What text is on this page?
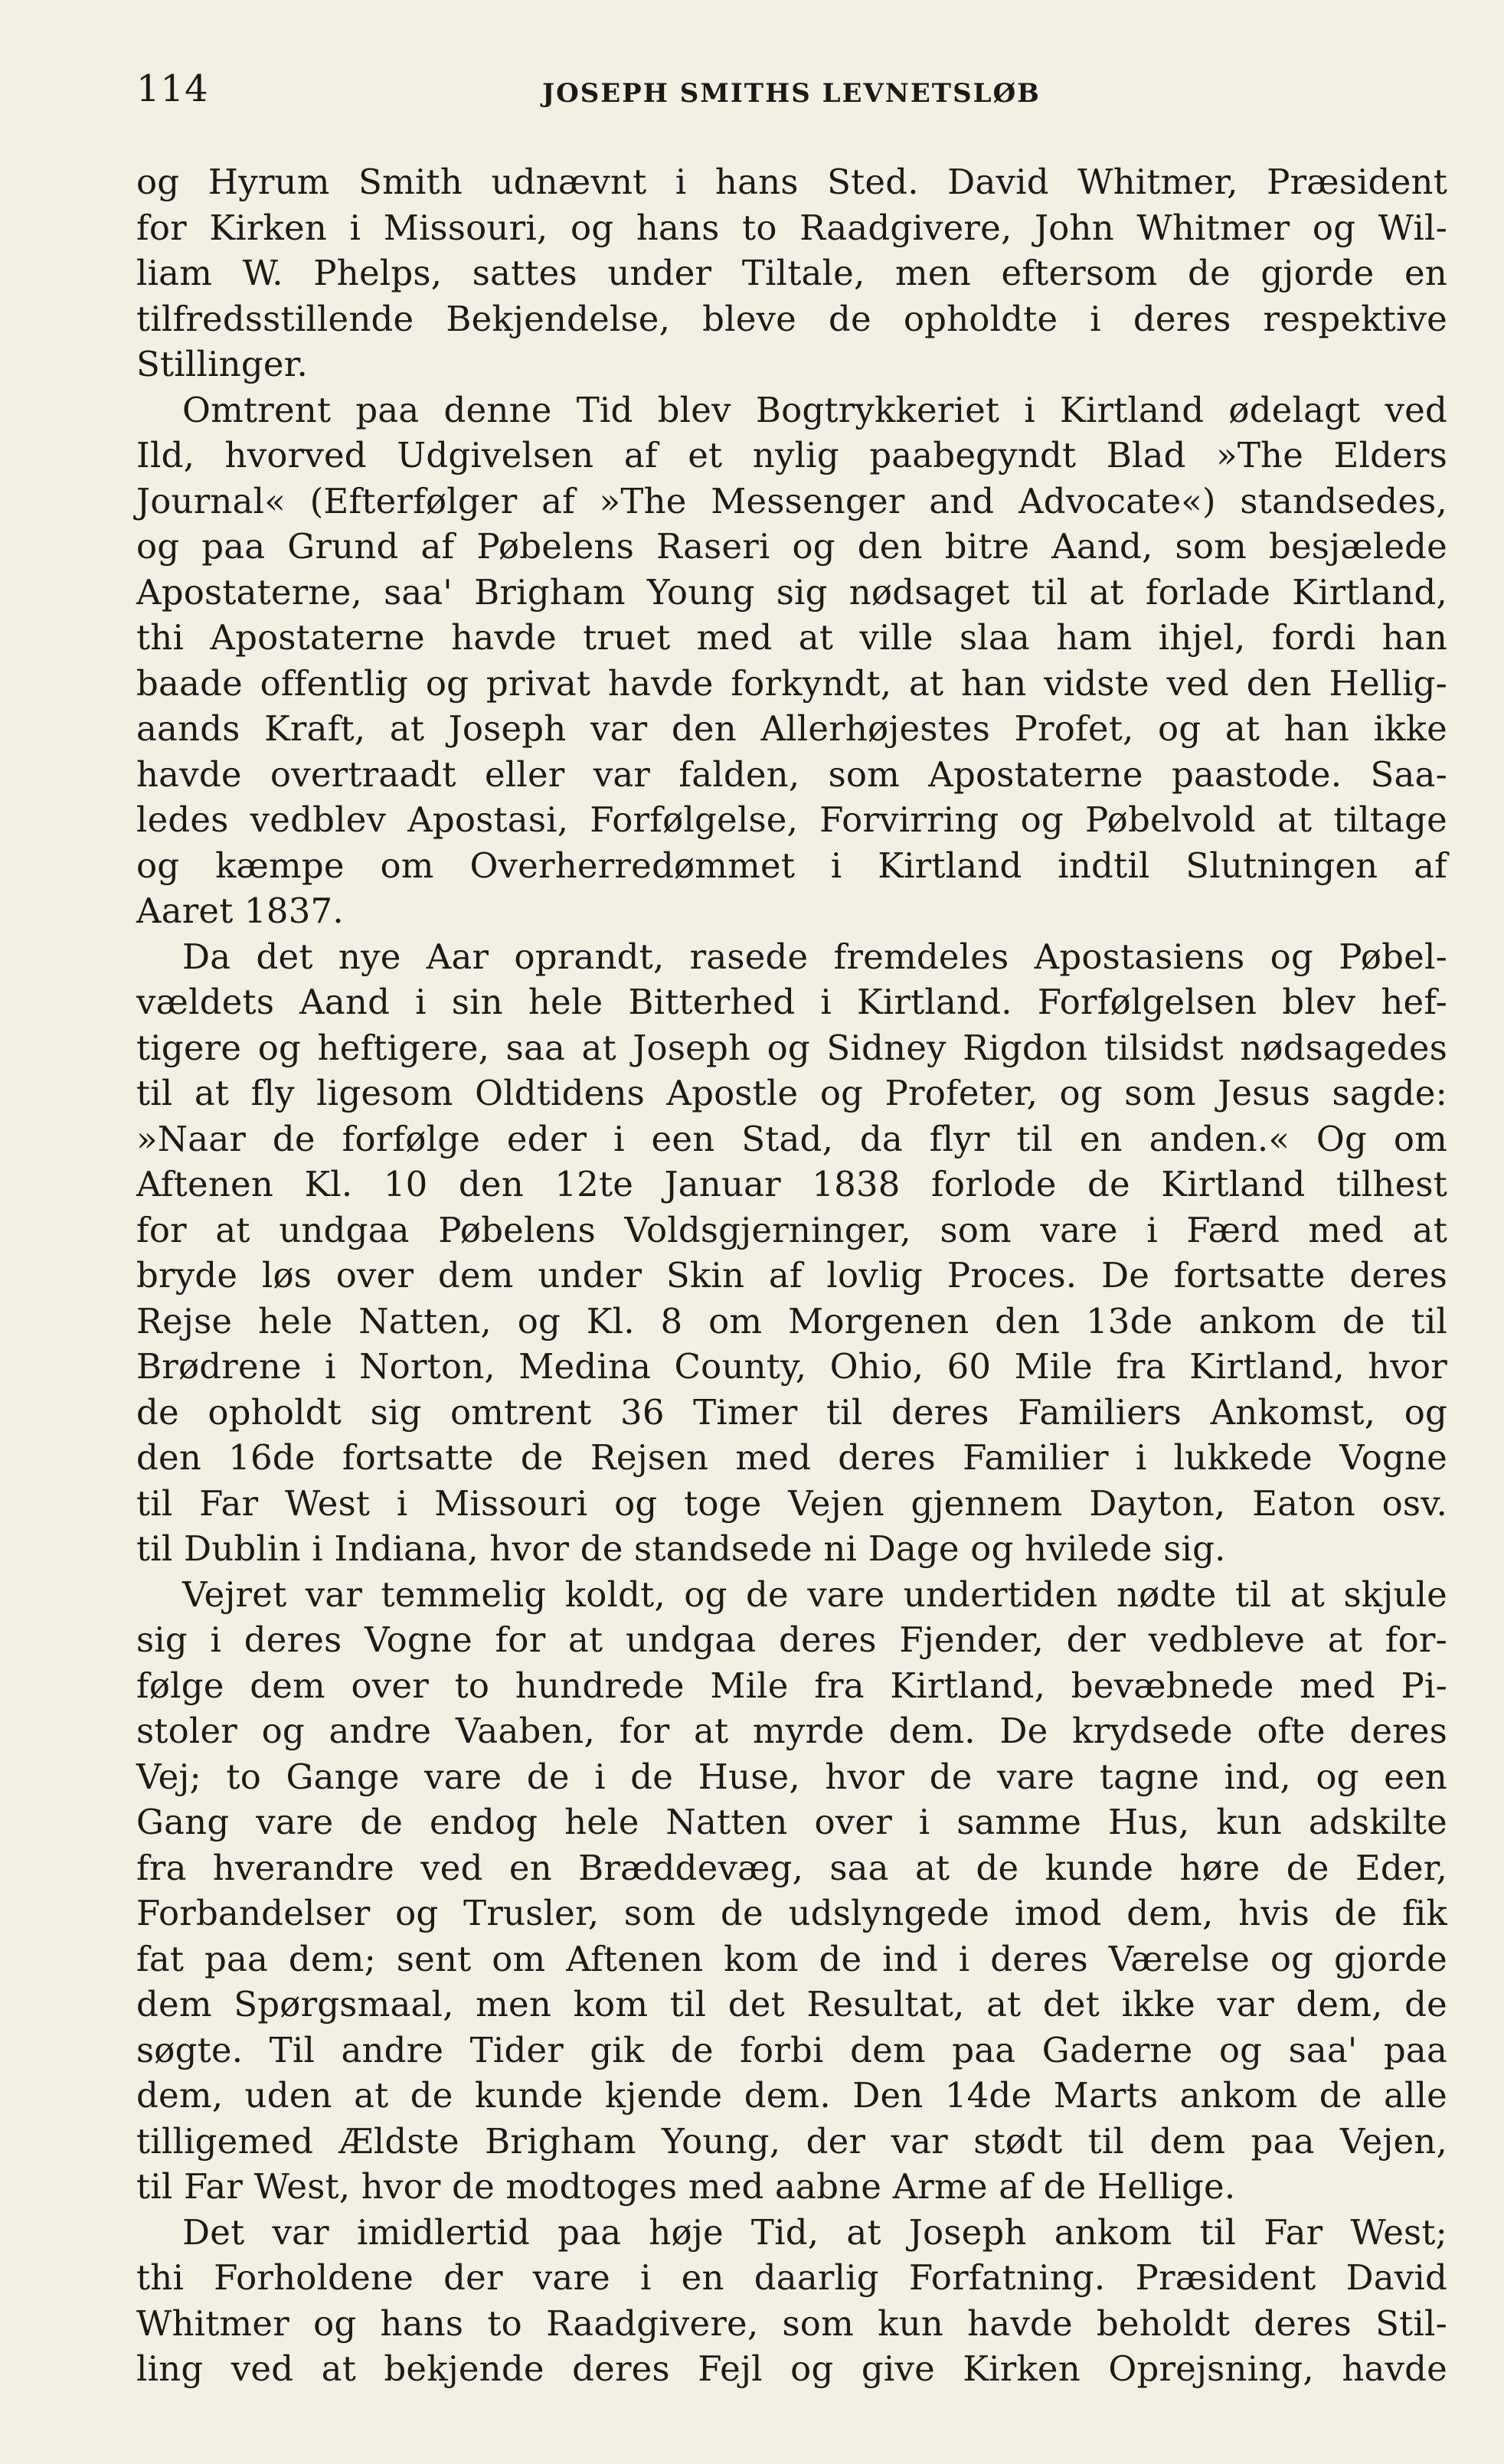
114	JOSEPH SMITHS LEVNETSLØB
og Hyrum Smith udnævnt i hans Sted. David Whitmer, Præsident
for Kirken i Missouri, og hans to Raadgivere, John Whitmer og Wil-
liam W. Phelps, sattes under Tiltale, men eftersom de gjorde en
tilfredsstillende Bekjendelse, bleve de opholdte i deres respektive
Stillinger.
Omtrent paa denne Tid blev Bogtrykkeriet i Kirtland ødelagt ved
Ild, hvorved Udgivelsen af et nylig paabegyndt Blad »The Elders
Journal« (Efterfølger af »The Messenger and Advocate«) standsedes,
og paa Grund af Pøbelens Raseri og den bitre Aand, som besjælede
Apostaterne, saa' Brigham Young sig nødsaget til at forlade Kirtland,
thi Apostaterne havde truet med at ville slaa ham ihjel, fordi han
baade offentlig og privat havde forkyndt, at han vidste ved den Hellig-
aands Kraft, at Joseph var den Allerhøjestes Profet, og at han ikke
havde overtraadt eller var falden, som Apostaterne paastode. Saa-
ledes vedblev Apostasi, Forfølgelse, Forvirring og Pøbelvold at tiltage
og kæmpe om Overherredømmet i Kirtland indtil Slutningen af
Aaret 1837.
Da det nye Aar oprandt, rasede fremdeles Apostasiens og Pøbel-
vældets Aand i sin hele Bitterhed i Kirtland. Forfølgelsen blev hef-
tigere og heftigere, saa at Joseph og Sidney Rigdon tilsidst nødsagedes
til at fly ligesom Oldtidens Apostle og Profeter, og som Jesus sagde:
»Naar de forfølge eder i een Stad, da flyr til en anden.« Og om
Aftenen Kl. 10 den 12te Januar 1838 forlode de Kirtland tilhest
for at undgaa Pøbelens Voldsgjerninger, som vare i Færd med at
bryde løs over dem under Skin af lovlig Proces. De fortsatte deres
Rejse hele Natten, og Kl. 8 om Morgenen den 13de ankom de til
Brødrene i Norton, Medina County, Ohio, 60 Mile fra Kirtland, hvor
de opholdt sig omtrent 36 Timer til deres Familiers Ankomst, og
den 16de fortsatte de Rejsen med deres Familier i lukkede Vogne
til Far West i Missouri og toge Vejen gjennem Dayton, Eaton osv.
til Dublin i Indiana, hvor de standsede ni Dage og hvilede sig.
Vejret var temmelig koldt, og de vare undertiden nødte til at skjule
sig i deres Vogne for at undgaa deres Fjender, der vedbleve at for-
følge dem over to hundrede Mile fra Kirtland, bevæbnede med Pi-
stoler og andre Vaaben, for at myrde dem. De krydsede ofte deres
Vej; to Gange vare de i de Huse, hvor de vare tagne ind, og een
Gang vare de endog hele Natten over i samme Hus, kun adskilte
fra hverandre ved en Bræddevæg, saa at de kunde høre de Eder,
Forbandelser og Trusler, som de udslyngede imod dem, hvis de fik
fat paa dem; sent om Aftenen kom de ind i deres Værelse og gjorde
dem Spørgsmaal, men kom til det Resultat, at det ikke var dem, de
søgte. Til andre Tider gik de forbi dem paa Gaderne og saa' paa
dem, uden at de kunde kjende dem. Den 14de Marts ankom de alle
tilligemed Ældste Brigham Young, der var stødt til dem paa Vejen,
til Far West, hvor de modtoges med aabne Arme af de Hellige.
Det var imidlertid paa høje Tid, at Joseph ankom til Far West;
thi Forholdene der vare i en daarlig Forfatning. Præsident David
Whitmer og hans to Raadgivere, som kun havde beholdt deres Stil-
ling ved at bekjende deres Fejl og give Kirken Oprejsning, havde
